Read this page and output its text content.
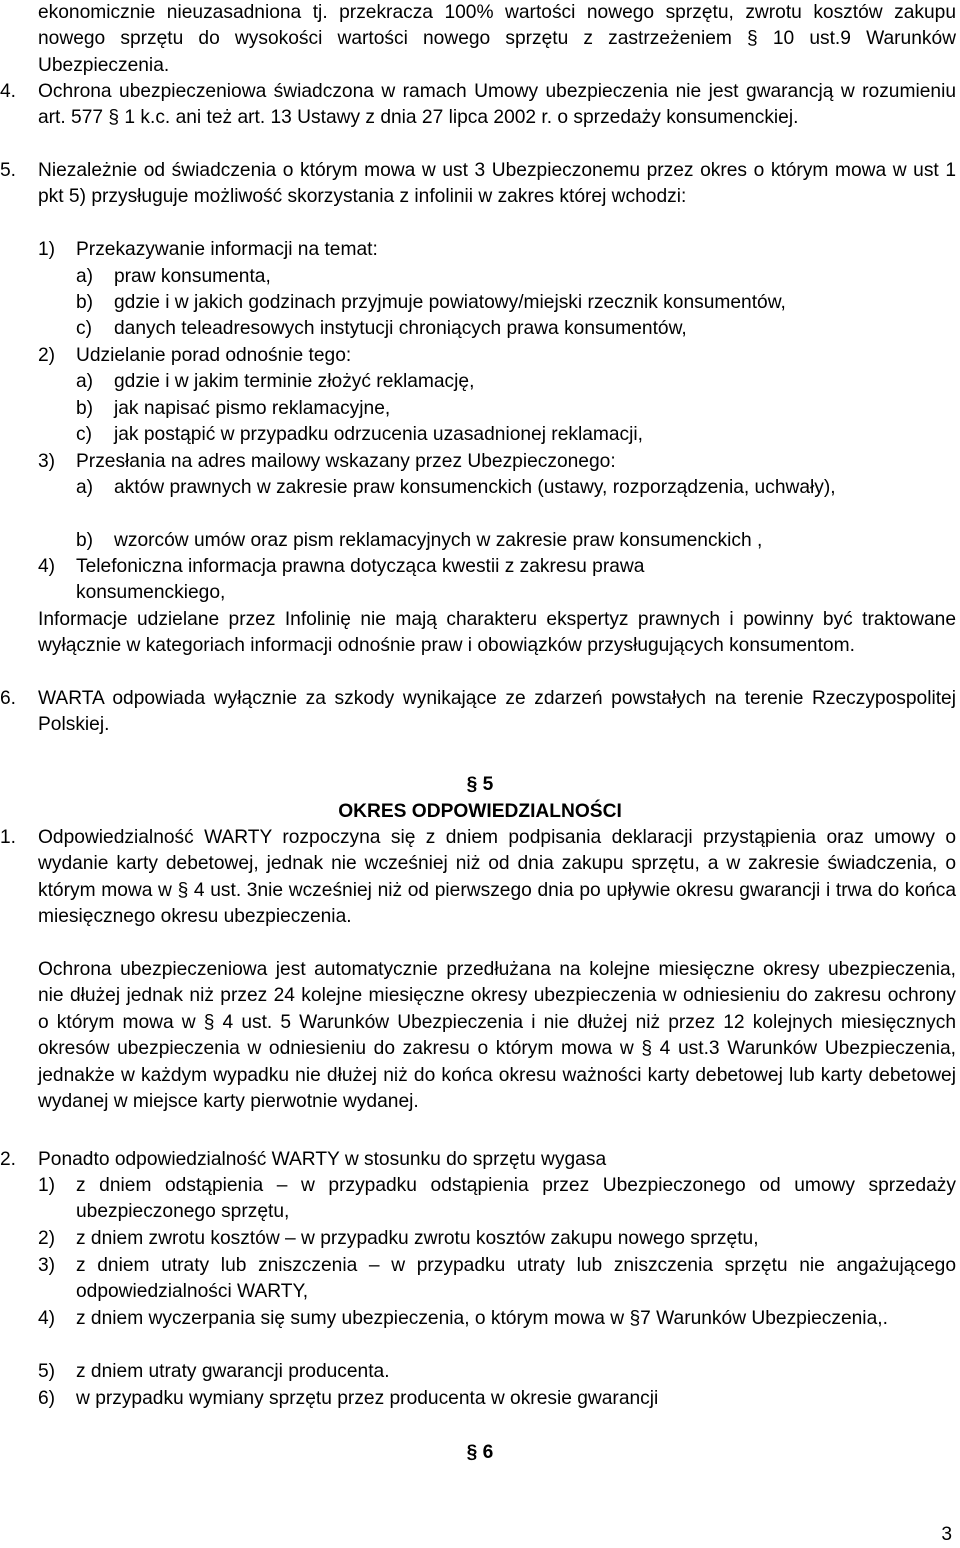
ekonomicznie nieuzasadniona tj. przekracza 100% wartości nowego sprzętu, zwrotu kosztów zakupu nowego sprzętu do wysokości wartości nowego sprzętu z zastrzeżeniem § 10 ust.9 Warunków Ubezpieczenia.

4.	Ochrona ubezpieczeniowa świadczona w ramach Umowy ubezpieczenia nie jest gwarancją w rozumieniu art. 577 § 1 k.c. ani też art. 13 Ustawy z dnia 27 lipca 2002 r. o sprzedaży konsumenckiej.
5.	Niezależnie od świadczenia o którym mowa w ust 3 Ubezpieczonemu przez okres o którym mowa w ust 1 pkt 5) przysługuje możliwość skorzystania z infolinii w zakres której wchodzi:
1) Przekazywanie informacji na temat:
a) praw konsumenta,
b) gdzie i w jakich godzinach przyjmuje powiatowy/miejski rzecznik konsumentów,
c) danych teleadresowych instytucji chroniących prawa konsumentów,
2) Udzielanie porad odnośnie tego:
a) gdzie i w jakim terminie złożyć reklamację,
b) jak napisać pismo reklamacyjne,
c) jak postąpić w przypadku odrzucenia uzasadnionej reklamacji,
3) Przesłania na adres mailowy wskazany przez Ubezpieczonego:
a) aktów prawnych w zakresie praw konsumenckich (ustawy, rozporządzenia, uchwały),
b) wzorców umów oraz pism reklamacyjnych w zakresie praw konsumenckich ,
4) Telefoniczna informacja prawna dotycząca kwestii z zakresu prawa konsumenckiego,

Informacje udzielane przez Infolinię nie mają charakteru ekspertyz prawnych i powinny być traktowane wyłącznie w kategoriach informacji odnośnie praw i obowiązków przysługujących konsumentom.

6.	WARTA odpowiada wyłącznie za szkody wynikające ze zdarzeń powstałych na terenie Rzeczypospolitej Polskiej.

§ 5

OKRES ODPOWIEDZIALNOŚCI

1.	Odpowiedzialność WARTY rozpoczyna się z dniem podpisania deklaracji przystąpienia oraz umowy o wydanie karty debetowej, jednak nie wcześniej niż od dnia zakupu sprzętu, a w zakresie świadczenia, o którym mowa w § 4 ust. 3nie wcześniej niż od pierwszego dnia po upływie okresu gwarancji i trwa do końca miesięcznego okresu ubezpieczenia.

Ochrona ubezpieczeniowa jest automatycznie przedłużana na kolejne miesięczne okresy ubezpieczenia, nie dłużej jednak niż przez 24 kolejne miesięczne okresy ubezpieczenia w odniesieniu do zakresu ochrony o którym mowa w § 4 ust. 5 Warunków Ubezpieczenia i nie dłużej niż przez 12 kolejnych miesięcznych okresów ubezpieczenia w odniesieniu do zakresu o którym mowa w § 4 ust.3 Warunków Ubezpieczenia, jednakże w każdym wypadku nie dłużej niż do końca okresu ważności karty debetowej lub karty debetowej wydanej w miejsce karty pierwotnie wydanej.

2.	Ponadto odpowiedzialność WARTY w stosunku do sprzętu wygasa
1) z dniem odstąpienia – w przypadku odstąpienia przez Ubezpieczonego od umowy sprzedaży ubezpieczonego sprzętu,
2) z dniem zwrotu kosztów – w przypadku zwrotu kosztów zakupu nowego sprzętu,
3) z dniem utraty lub zniszczenia – w przypadku utraty lub zniszczenia sprzętu nie angażującego odpowiedzialności WARTY,
4) z dniem wyczerpania się sumy ubezpieczenia, o którym mowa w §7 Warunków Ubezpieczenia,.
5) z dniem utraty gwarancji producenta.
6) w przypadku wymiany sprzętu przez producenta w okresie gwarancji

§ 6

3
